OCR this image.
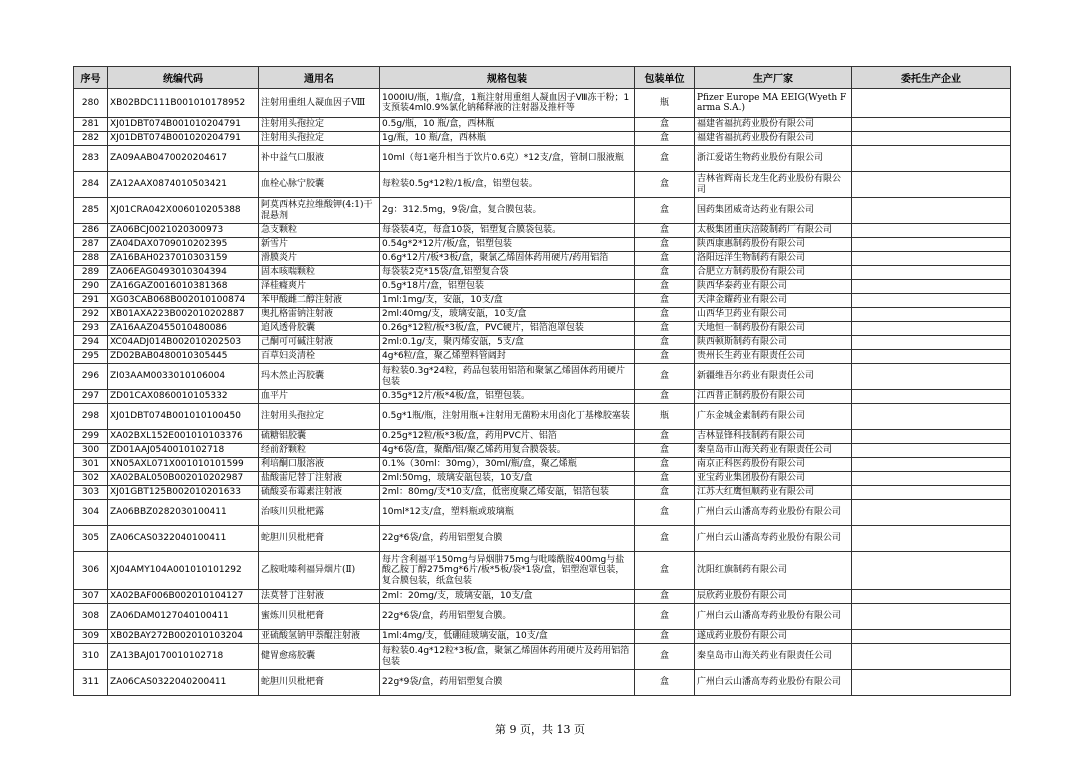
序号	统编代码	通用名	规格包装	包装单位	生产厂家	委托生产企业
280	XB02BDC111B001010178952	注射用重组人凝血因子Ⅷ	1000IU/瓶，1瓶/盒，1瓶注射用重组人凝血因子Ⅷ冻干粉；1支预装4ml0.9%氯化钠稀释液的注射器及推杆等	瓶	Pfizer Europe MA EEIG(Wyeth Farma S.A.)	
281	XJ01DBT074B001010204791	注射用头孢拉定	0.5g/瓶，10 瓶/盒，西林瓶	盒	福建省福抗药业股份有限公司	
282	XJ01DBT074B001020204791	注射用头孢拉定	1g/瓶，10 瓶/盒，西林瓶	盒	福建省福抗药业股份有限公司	
283	ZA09AAB0470020204617	补中益气口服液	10ml（每1毫升相当于饮片0.6克）*12支/盒，管制口服液瓶	盒	浙江爱诺生物药业股份有限公司	
284	ZA12AAX0874010503421	血栓心脉宁胶囊	每粒装0.5g*12粒/1板/盒，铝塑包装。	盒	吉林省辉南长龙生化药业股份有限公司	
285	XJ01CRA042X006010205388	阿莫西林克拉维酸钾(4:1)干混悬剂	2g：312.5mg，9袋/盒，复合膜包装。	盒	国药集团威奇达药业有限公司	
286	ZA06BCJ0021020300973	急支颗粒	每袋装4克，每盒10袋，铝塑复合膜袋包装。	盒	太极集团重庆涪陵制药厂有限公司	
287	ZA04DAX0709010202395	新雪片	0.54g*2*12片/板/盒，铝塑包装	盒	陕西康惠制药股份有限公司	
288	ZA16BAH0237010303159	滑膜炎片	0.6g*12片/板*3板/盒，聚氯乙烯固体药用硬片/药用铝箔	盒	洛阳远洋生物制药有限公司	
289	ZA06EAG0493010304394	固本咳喘颗粒	每袋装2克*15袋/盒,铝塑复合袋	盒	合肥立方制药股份有限公司	
290	ZA16GAZ0016010381368	泽桂癃爽片	0.5g*18片/盒，铝塑包装	盒	陕西华泰药业有限公司	
291	XG03CAB068B002010100874	苯甲酸雌二醇注射液	1ml:1mg/支，安瓿，10支/盒	盒	天津金耀药业有限公司	
292	XB01AXA223B002010202887	奥扎格雷钠注射液	2ml:40mg/支，玻璃安瓿，10支/盒	盒	山西华卫药业有限公司	
293	ZA16AAZ0455010480086	追风透骨胶囊	0.26g*12粒/板*3板/盒，PVC硬片，铝箔泡罩包装	盒	天地恒一制药股份有限公司	
294	XC04ADJ014B002010202503	己酮可可碱注射液	2ml:0.1g/支，聚丙烯安瓿，5支/盒	盒	陕西顿斯制药有限公司	
295	ZD02BAB0480010305445	百草妇炎清栓	4g*6粒/盒，聚乙烯塑料管阔封	盒	贵州长生药业有限责任公司	
296	ZI03AAM0033010106004	玛木然止泻胶囊	每粒装0.3g*24粒，药品包装用铝箔和聚氯乙烯固体药用硬片包装	盒	新疆维吾尔药业有限责任公司	
297	ZD01CAX0860010105332	血平片	0.35g*12片/板*4板/盒，铝塑包装。	盒	江西普正制药股份有限公司	
298	XJ01DBT074B001010100450	注射用头孢拉定	0.5g*1瓶/瓶，注射用瓶+注射用无菌粉末用卤化丁基橡胶塞装	瓶	广东金城金素制药有限公司	
299	XA02BXL152E001010103376	硫糖铝胶囊	0.25g*12粒/板*3板/盒，药用PVC片、铝箔	盒	吉林显锋科技制药有限公司	
300	ZD01AAJ0540010102718	经前舒颗粒	4g*6袋/盒，聚酯/铝/聚乙烯药用复合膜袋装。	盒	秦皇岛市山海关药业有限责任公司	
301	XN05AXL071X001010101599	利培酮口服溶液	0.1%（30ml：30mg），30ml/瓶/盒，聚乙烯瓶	盒	南京正科医药股份有限公司	
302	XA02BAL050B002010202987	盐酸雷尼替丁注射液	2ml:50mg，玻璃安瓿包装，10支/盒	盒	亚宝药业集团股份有限公司	
303	XJ01GBT125B002010201633	硫酸妥布霉素注射液	2ml：80mg/支*10支/盒，低密度聚乙烯安瓿，铝箔包装	盒	江苏大红鹰恒顺药业有限公司	
304	ZA06BBZ0282030100411	治咳川贝枇杷露	10ml*12支/盒，塑料瓶或玻璃瓶	盒	广州白云山潘高寿药业股份有限公司	
305	ZA06CAS0322040100411	蛇胆川贝枇杷膏	22g*6袋/盒，药用铝塑复合膜	盒	广州白云山潘高寿药业股份有限公司	
306	XJ04AMY104A001010101292	乙胺吡嗪利福异烟片(Ⅱ)	每片含利福平150mg与异烟肼75mg与吡嗪酰胺400mg与盐酸乙胺丁醇275mg*6片/板*5板/袋*1袋/盒，铝塑泡罩包装，复合膜包装，纸盒包装	盒	沈阳红旗制药有限公司	
307	XA02BAF006B002010104127	法莫替丁注射液	2ml：20mg/支，玻璃安瓿，10支/盒	盒	辰欣药业股份有限公司	
308	ZA06DAM0127040100411	蜜炼川贝枇杷膏	22g*6袋/盒，药用铝塑复合膜。	盒	广州白云山潘高寿药业股份有限公司	
309	XB02BAY272B002010103204	亚硫酸氢钠甲萘醌注射液	1ml:4mg/支，低硼硅玻璃安瓿，10支/盒	盒	遂成药业股份有限公司	
310	ZA13BAJ0170010102718	健胃愈疡胶囊	每粒装0.4g*12粒*3板/盒，聚氯乙烯固体药用硬片及药用铝箔包装	盒	秦皇岛市山海关药业有限责任公司	
311	ZA06CAS0322040200411	蛇胆川贝枇杷膏	22g*9袋/盒，药用铝塑复合膜	盒	广州白云山潘高寿药业股份有限公司	
第 9 页，共 13 页
